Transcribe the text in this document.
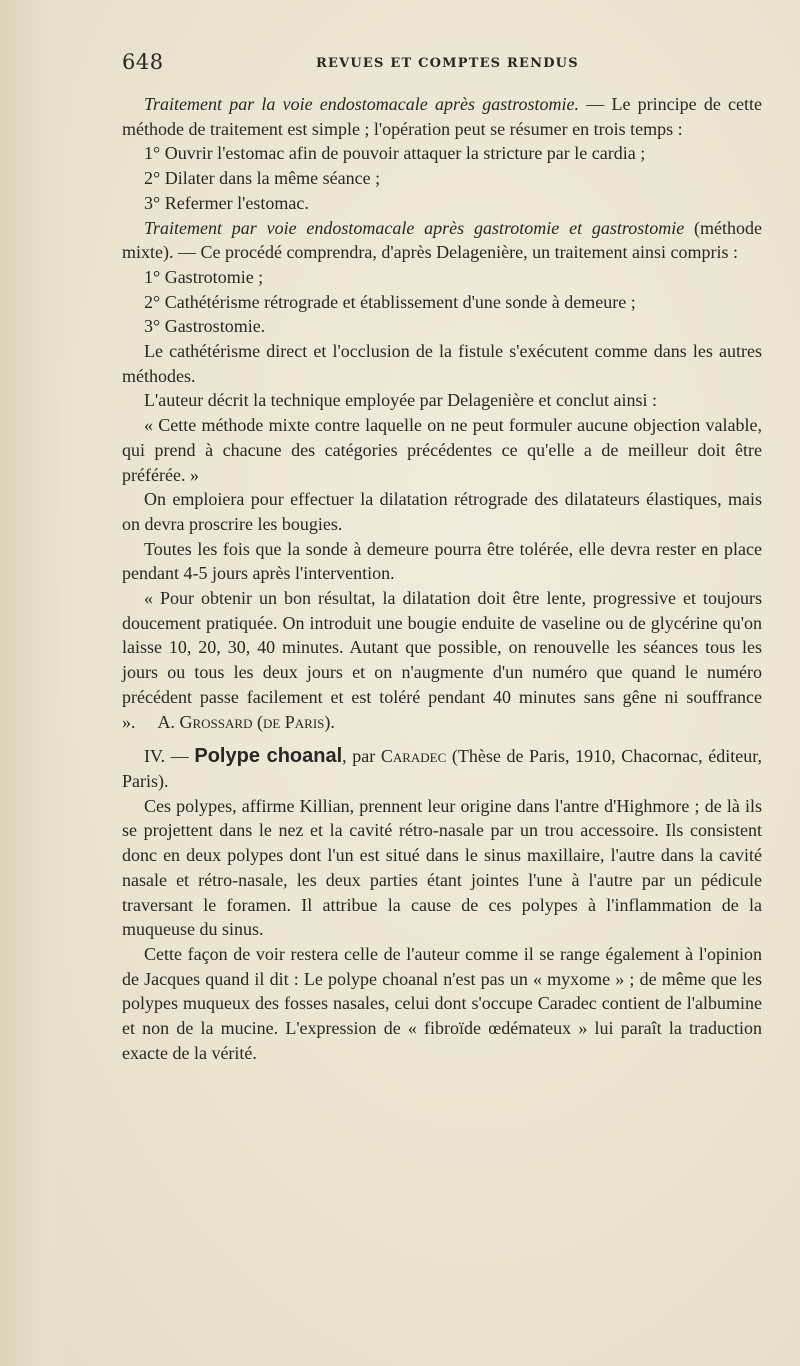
648	REVUES ET COMPTES RENDUS

Traitement par la voie endostomacale après gastrostomie. — Le principe de cette méthode de traitement est simple ; l'opération peut se résumer en trois temps :

1° Ouvrir l'estomac afin de pouvoir attaquer la stricture par le cardia ;

2° Dilater dans la même séance ;

3° Refermer l'estomac.

Traitement par voie endostomacale après gastrotomie et gastrostomie (méthode mixte). — Ce procédé comprendra, d'après Delagenière, un traitement ainsi compris :

1° Gastrotomie ;

2° Cathétérisme rétrograde et établissement d'une sonde à demeure ;

3° Gastrostomie.

Le cathétérisme direct et l'occlusion de la fistule s'exécutent comme dans les autres méthodes.

L'auteur décrit la technique employée par Delagenière et conclut ainsi :

« Cette méthode mixte contre laquelle on ne peut formuler aucune objection valable, qui prend à chacune des catégories précédentes ce qu'elle a de meilleur doit être préférée. »

On emploiera pour effectuer la dilatation rétrograde des dilatateurs élastiques, mais on devra proscrire les bougies.

Toutes les fois que la sonde à demeure pourra être tolérée, elle devra rester en place pendant 4-5 jours après l'intervention.

« Pour obtenir un bon résultat, la dilatation doit être lente, progressive et toujours doucement pratiquée. On introduit une bougie enduite de vaseline ou de glycérine qu'on laisse 10, 20, 30, 40 minutes. Autant que possible, on renouvelle les séances tous les jours ou tous les deux jours et on n'augmente d'un numéro que quand le numéro précédent passe facilement et est toléré pendant 40 minutes sans gêne ni souffrance ». A. Grossard (de Paris).

IV. — Polype choanal, par Caradec (Thèse de Paris, 1910, Chacornac, éditeur, Paris).

Ces polypes, affirme Killian, prennent leur origine dans l'antre d'Highmore ; de là ils se projettent dans le nez et la cavité rétro-nasale par un trou accessoire. Ils consistent donc en deux polypes dont l'un est situé dans le sinus maxillaire, l'autre dans la cavité nasale et rétro-nasale, les deux parties étant jointes l'une à l'autre par un pédicule traversant le foramen. Il attribue la cause de ces polypes à l'inflammation de la muqueuse du sinus.

Cette façon de voir restera celle de l'auteur comme il se range également à l'opinion de Jacques quand il dit : Le polype choanal n'est pas un « myxome » ; de même que les polypes muqueux des fosses nasales, celui dont s'occupe Caradec contient de l'albumine et non de la mucine. L'expression de « fibroïde œdémateux » lui paraît la traduction exacte de la vérité.
